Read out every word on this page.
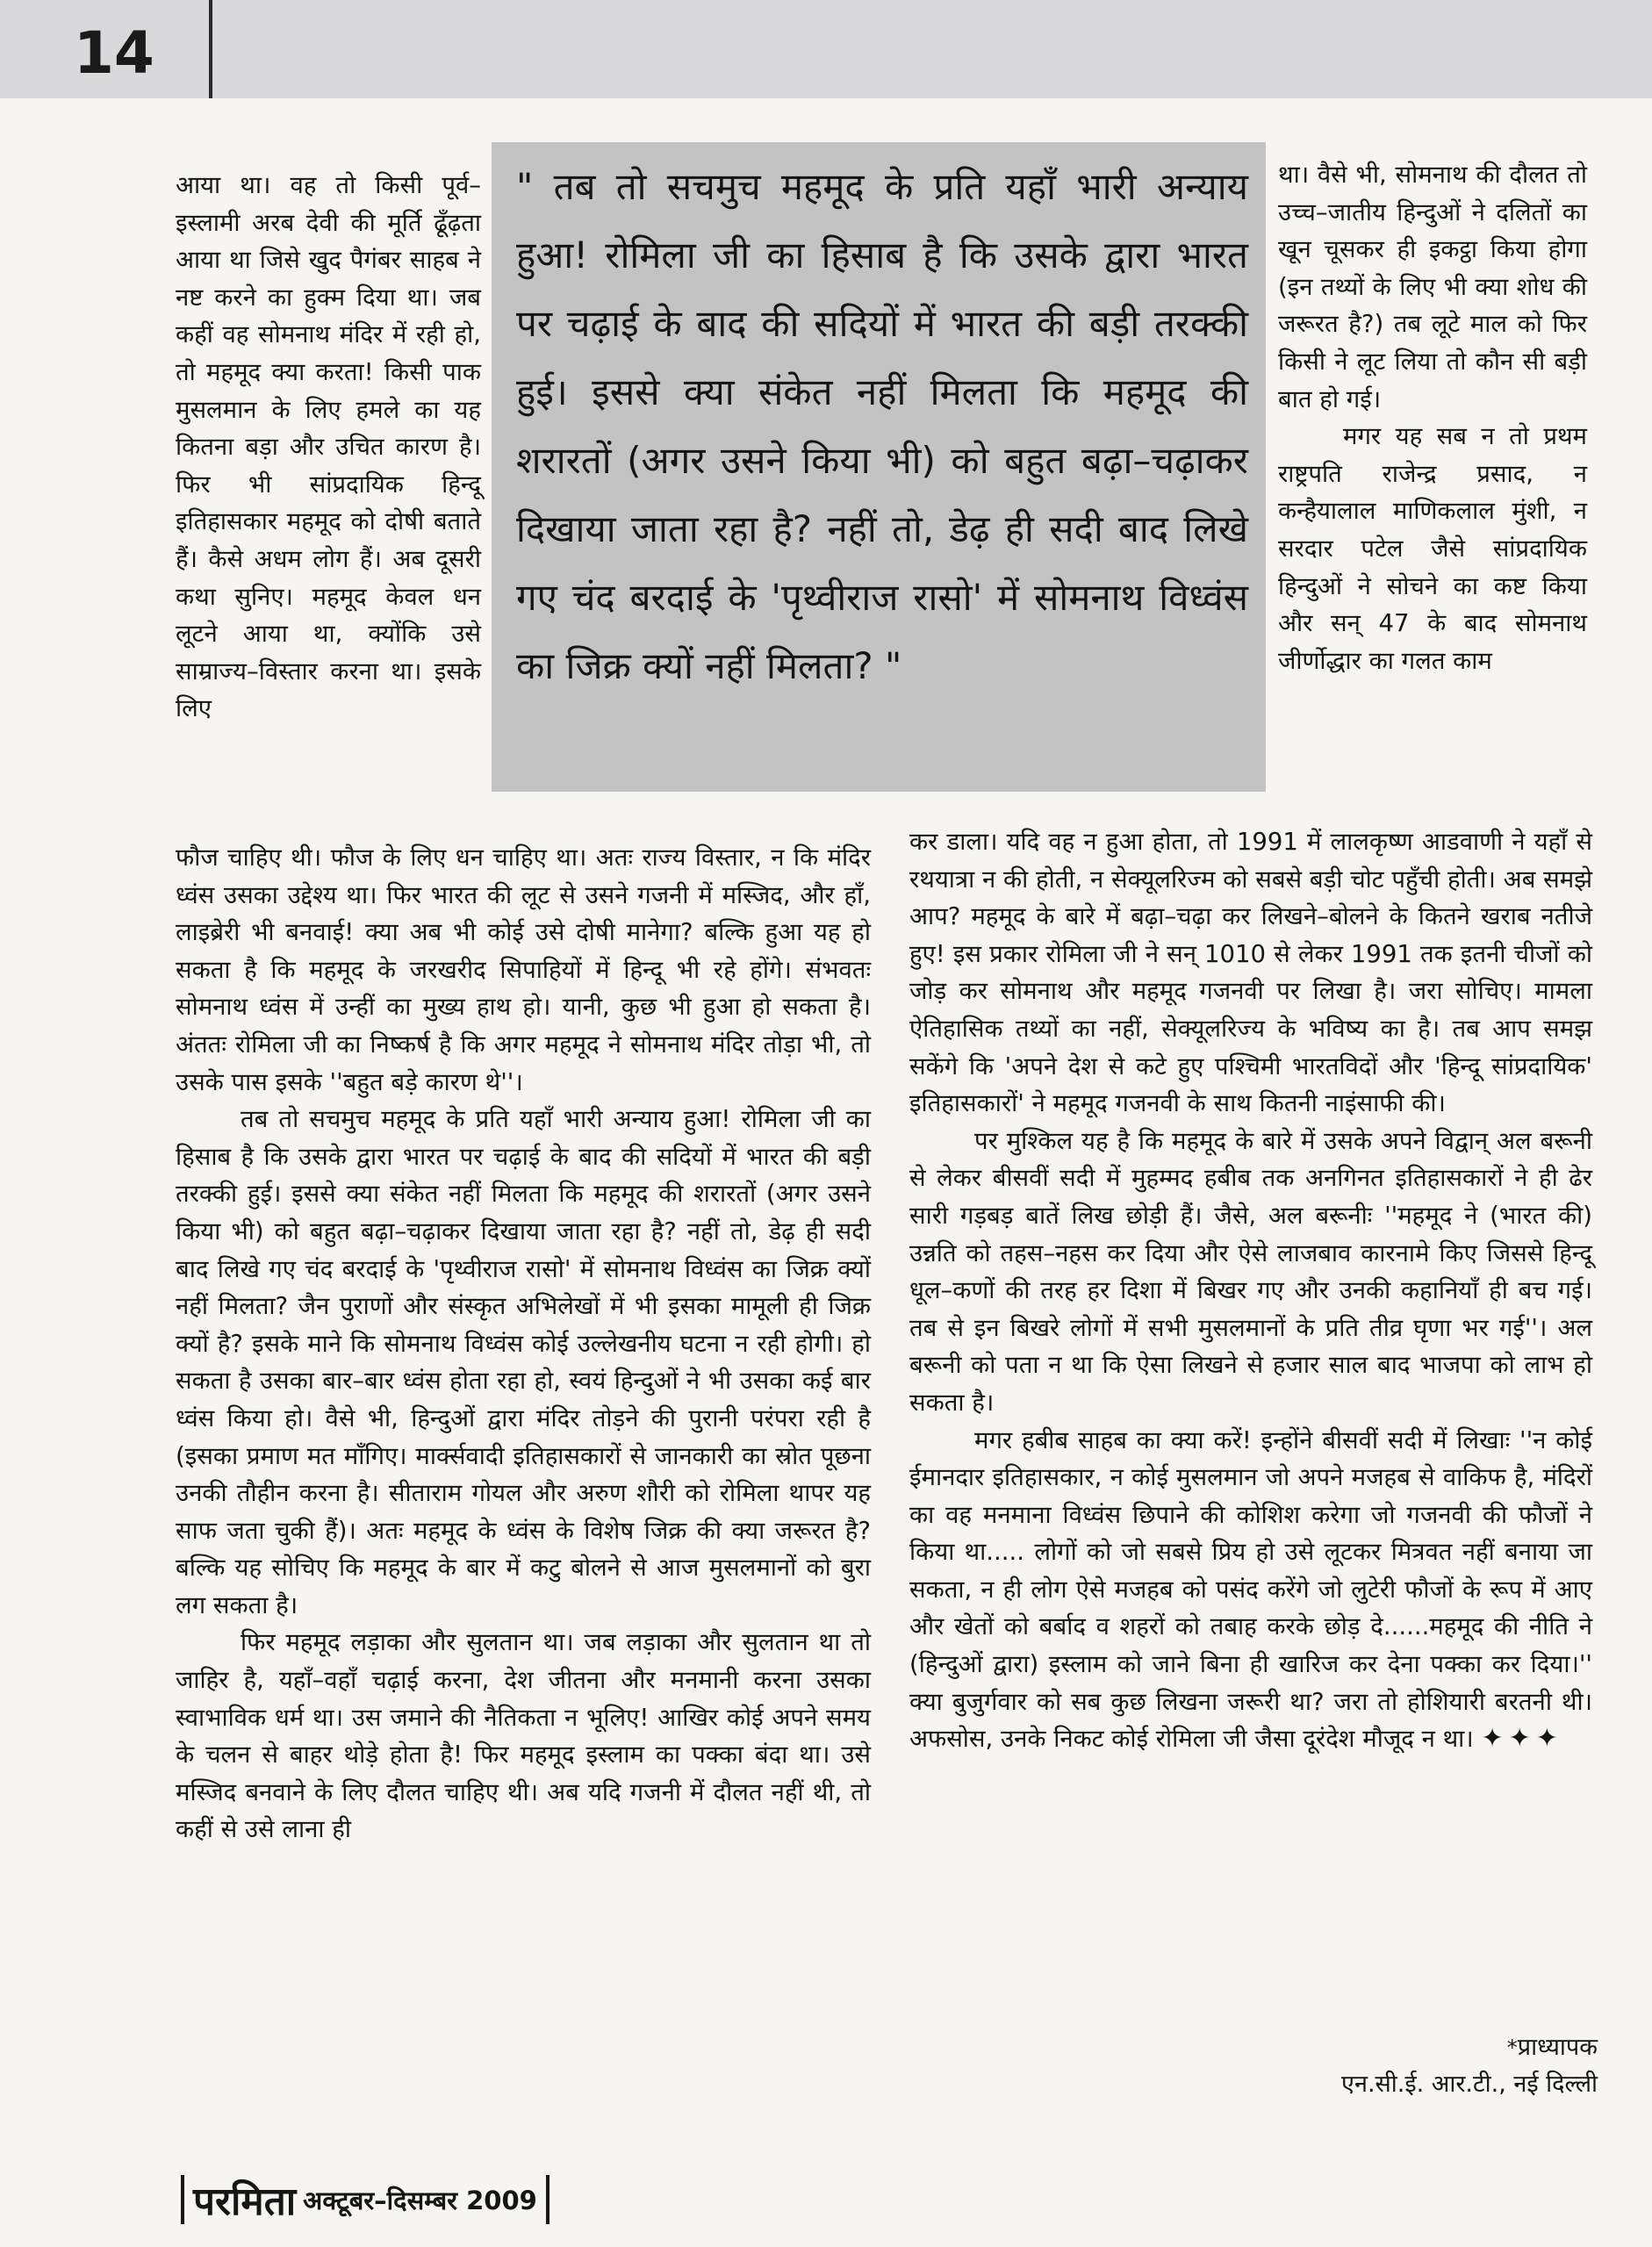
14

आया था। वह तो किसी पूर्व–इस्लामी अरब देवी की मूर्ति ढूँढ़ता आया था जिसे खुद पैगंबर साहब ने नष्ट करने का हुक्म दिया था। जब कहीं वह सोमनाथ मंदिर में रही हो, तो महमूद क्या करता! किसी पाक मुसलमान के लिए हमले का यह कितना बड़ा और उचित कारण है। फिर भी सांप्रदायिक हिन्दू इतिहासकार महमूद को दोषी बताते हैं। कैसे अधम लोग हैं। अब दूसरी कथा सुनिए। महमूद केवल धन लूटने आया था, क्योंकि उसे साम्राज्य–विस्तार करना था। इसके लिए

" तब तो सचमुच महमूद के प्रति यहाँ भारी अन्याय हुआ! रोमिला जी का हिसाब है कि उसके द्वारा भारत पर चढ़ाई के बाद की सदियों में भारत की बड़ी तरक्की हुई। इससे क्या संकेत नहीं मिलता कि महमूद की शरारतों (अगर उसने किया भी) को बहुत बढ़ा–चढ़ाकर दिखाया जाता रहा है? नहीं तो, डेढ़ ही सदी बाद लिखे गए चंद बरदाई के 'पृथ्वीराज रासो' में सोमनाथ विध्वंस का जिक्र क्यों नहीं मिलता? "

था। वैसे भी, सोमनाथ की दौलत तो उच्च–जातीय हिन्दुओं ने दलितों का खून चूसकर ही इकट्ठा किया होगा (इन तथ्यों के लिए भी क्या शोध की जरूरत है?) तब लूटे माल को फिर किसी ने लूट लिया तो कौन सी बड़ी बात हो गई।

मगर यह सब न तो प्रथम राष्ट्रपति राजेन्द्र प्रसाद, न कन्हैयालाल माणिकलाल मुंशी, न सरदार पटेल जैसे सांप्रदायिक हिन्दुओं ने सोचने का कष्ट किया और सन् 47 के बाद सोमनाथ जीर्णोद्धार का गलत काम

फौज चाहिए थी। फौज के लिए धन चाहिए था। अतः राज्य विस्तार, न कि मंदिर ध्वंस उसका उद्देश्य था। फिर भारत की लूट से उसने गजनी में मस्जिद, और हाँ, लाइब्रेरी भी बनवाई! क्या अब भी कोई उसे दोषी मानेगा? बल्कि हुआ यह हो सकता है कि महमूद के जरखरीद सिपाहियों में हिन्दू भी रहे होंगे। संभवतः सोमनाथ ध्वंस में उन्हीं का मुख्य हाथ हो। यानी, कुछ भी हुआ हो सकता है। अंततः रोमिला जी का निष्कर्ष है कि अगर महमूद ने सोमनाथ मंदिर तोड़ा भी, तो उसके पास इसके ''बहुत बड़े कारण थे''।

तब तो सचमुच महमूद के प्रति यहाँ भारी अन्याय हुआ! रोमिला जी का हिसाब है कि उसके द्वारा भारत पर चढ़ाई के बाद की सदियों में भारत की बड़ी तरक्की हुई। इससे क्या संकेत नहीं मिलता कि महमूद की शरारतों (अगर उसने किया भी) को बहुत बढ़ा–चढ़ाकर दिखाया जाता रहा है? नहीं तो, डेढ़ ही सदी बाद लिखे गए चंद बरदाई के 'पृथ्वीराज रासो' में सोमनाथ विध्वंस का जिक्र क्यों नहीं मिलता? जैन पुराणों और संस्कृत अभिलेखों में भी इसका मामूली ही जिक्र क्यों है? इसके माने कि सोमनाथ विध्वंस कोई उल्लेखनीय घटना न रही होगी। हो सकता है उसका बार–बार ध्वंस होता रहा हो, स्वयं हिन्दुओं ने भी उसका कई बार ध्वंस किया हो। वैसे भी, हिन्दुओं द्वारा मंदिर तोड़ने की पुरानी परंपरा रही है (इसका प्रमाण मत माँगिए। मार्क्सवादी इतिहासकारों से जानकारी का स्रोत पूछना उनकी तौहीन करना है। सीताराम गोयल और अरुण शौरी को रोमिला थापर यह साफ जता चुकी हैं)। अतः महमूद के ध्वंस के विशेष जिक्र की क्या जरूरत है? बल्कि यह सोचिए कि महमूद के बार में कटु बोलने से आज मुसलमानों को बुरा लग सकता है।

फिर महमूद लड़ाका और सुलतान था। जब लड़ाका और सुलतान था तो जाहिर है, यहाँ–वहाँ चढ़ाई करना, देश जीतना और मनमानी करना उसका स्वाभाविक धर्म था। उस जमाने की नैतिकता न भूलिए! आखिर कोई अपने समय के चलन से बाहर थोड़े होता है! फिर महमूद इस्लाम का पक्का बंदा था। उसे मस्जिद बनवाने के लिए दौलत चाहिए थी। अब यदि गजनी में दौलत नहीं थी, तो कहीं से उसे लाना ही

कर डाला। यदि वह न हुआ होता, तो 1991 में लालकृष्ण आडवाणी ने यहाँ से रथयात्रा न की होती, न सेक्यूलरिज्म को सबसे बड़ी चोट पहुँची होती। अब समझे आप? महमूद के बारे में बढ़ा–चढ़ा कर लिखने–बोलने के कितने खराब नतीजे हुए! इस प्रकार रोमिला जी ने सन् 1010 से लेकर 1991 तक इतनी चीजों को जोड़ कर सोमनाथ और महमूद गजनवी पर लिखा है। जरा सोचिए। मामला ऐतिहासिक तथ्यों का नहीं, सेक्यूलरिज्य के भविष्य का है। तब आप समझ सकेंगे कि 'अपने देश से कटे हुए पश्चिमी भारतविदों और 'हिन्दू सांप्रदायिक' इतिहासकारों' ने महमूद गजनवी के साथ कितनी नाइंसाफी की।

पर मुश्किल यह है कि महमूद के बारे में उसके अपने विद्वान् अल बरूनी से लेकर बीसवीं सदी में मुहम्मद हबीब तक अनगिनत इतिहासकारों ने ही ढेर सारी गड़बड़ बातें लिख छोड़ी हैं। जैसे, अल बरूनीः ''महमूद ने (भारत की) उन्नति को तहस–नहस कर दिया और ऐसे लाजबाव कारनामे किए जिससे हिन्दू धूल–कणों की तरह हर दिशा में बिखर गए और उनकी कहानियाँ ही बच गई। तब से इन बिखरे लोगों में सभी मुसलमानों के प्रति तीव्र घृणा भर गई''। अल बरूनी को पता न था कि ऐसा लिखने से हजार साल बाद भाजपा को लाभ हो सकता है।

मगर हबीब साहब का क्या करें! इन्होंने बीसवीं सदी में लिखाः ''न कोई ईमानदार इतिहासकार, न कोई मुसलमान जो अपने मजहब से वाकिफ है, मंदिरों का वह मनमाना विध्वंस छिपाने की कोशिश करेगा जो गजनवी की फौजों ने किया था..... लोगों को जो सबसे प्रिय हो उसे लूटकर मित्रवत नहीं बनाया जा सकता, न ही लोग ऐसे मजहब को पसंद करेंगे जो लुटेरी फौजों के रूप में आए और खेतों को बर्बाद व शहरों को तबाह करके छोड़ दे......महमूद की नीति ने (हिन्दुओं द्वारा) इस्लाम को जाने बिना ही खारिज कर देना पक्का कर दिया।'' क्या बुजुर्गवार को सब कुछ लिखना जरूरी था? जरा तो होशियारी बरतनी थी। अफसोस, उनके निकट कोई रोमिला जी जैसा दूरंदेश मौजूद न था। ✦✦✦

*प्राध्यापक
एन.सी.ई. आर.टी., नई दिल्ली
परमिता अक्टूबर–दिसम्बर 2009
